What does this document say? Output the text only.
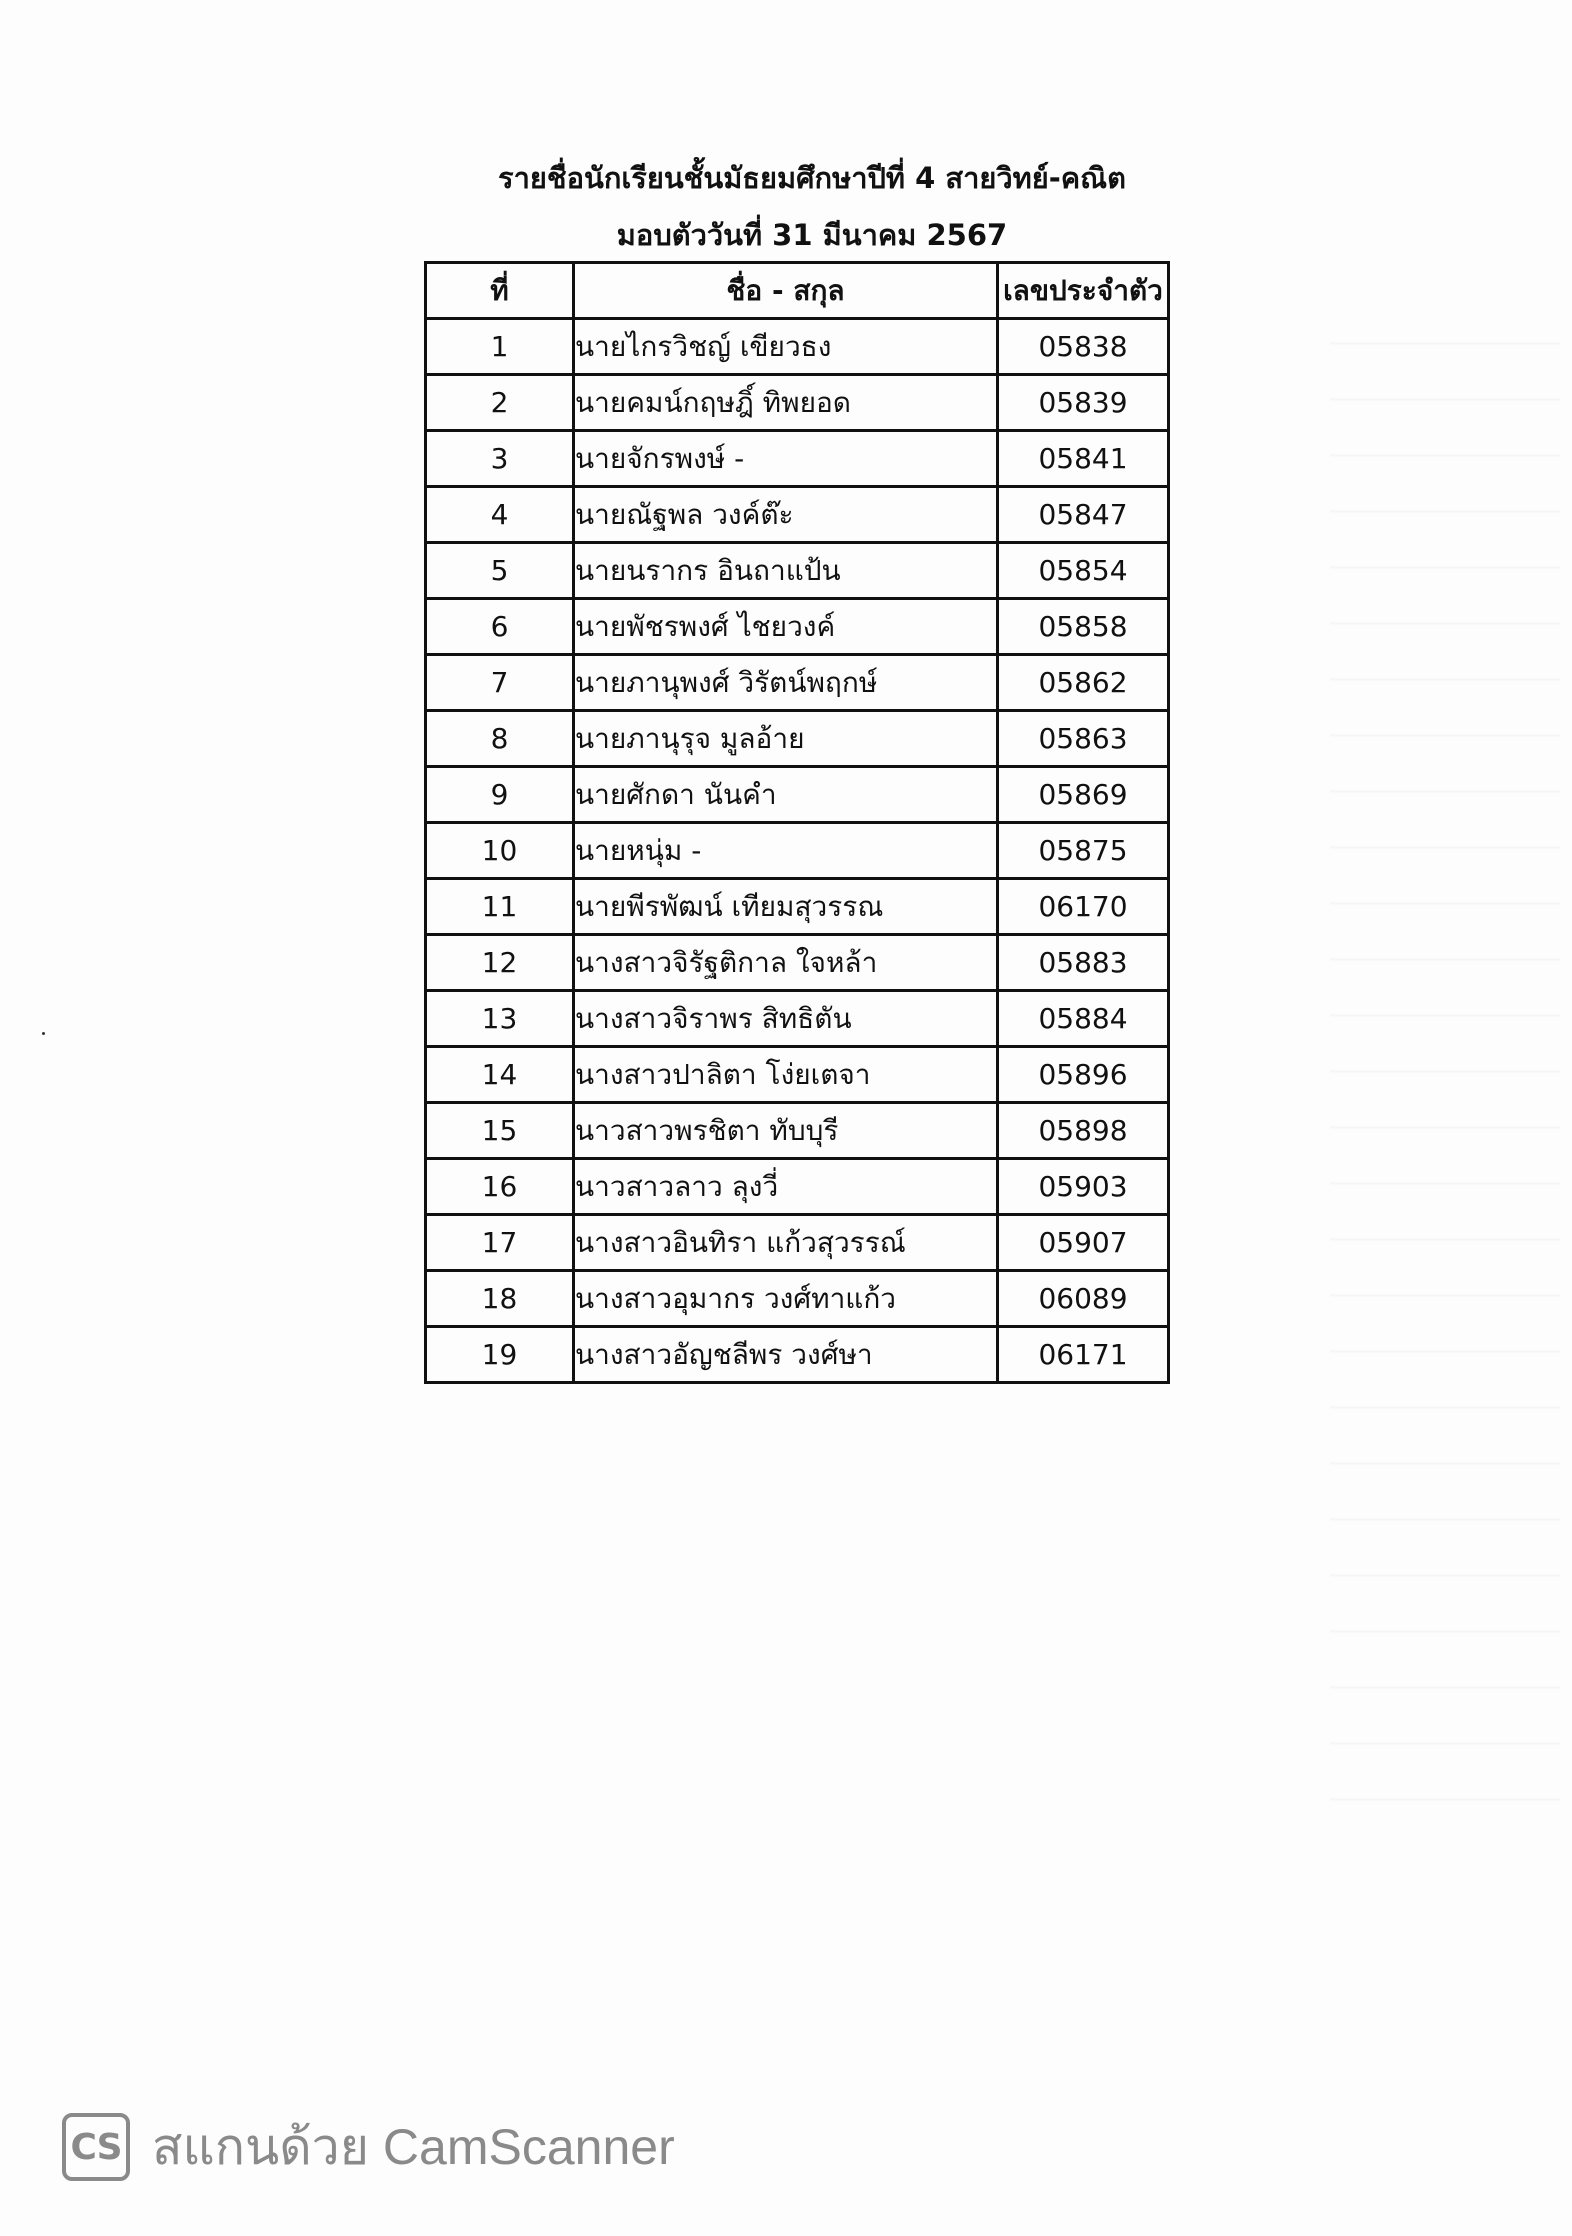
รายชื่อนักเรียนชั้นมัธยมศึกษาปีที่ 4 สายวิทย์-คณิต
มอบตัววันที่ 31 มีนาคม 2567
ที่	ชื่อ - สกุล	เลขประจำตัว
1	นายไกรวิชญ์ เขียวธง	05838
2	นายคมน์กฤษฎิ์ ทิพยอด	05839
3	นายจักรพงษ์ -	05841
4	นายณัฐพล วงค์ต๊ะ	05847
5	นายนรากร อินถาแป้น	05854
6	นายพัชรพงศ์ ไชยวงค์	05858
7	นายภานุพงศ์ วิรัตน์พฤกษ์	05862
8	นายภานุรุจ มูลอ้าย	05863
9	นายศักดา นันคำ	05869
10	นายหนุ่ม -	05875
11	นายพีรพัฒน์ เทียมสุวรรณ	06170
12	นางสาวจิรัฐติกาล ใจหล้า	05883
13	นางสาวจิราพร สิทธิตัน	05884
14	นางสาวปาลิตา โง่ยเตจา	05896
15	นาวสาวพรชิตา ทับบุรี	05898
16	นาวสาวลาว ลุงวี่	05903
17	นางสาวอินทิรา แก้วสุวรรณ์	05907
18	นางสาวอุมากร วงศ์ทาแก้ว	06089
19	นางสาวอัญชลีพร วงศ์ษา	06171
CS สแกนด้วย CamScanner
